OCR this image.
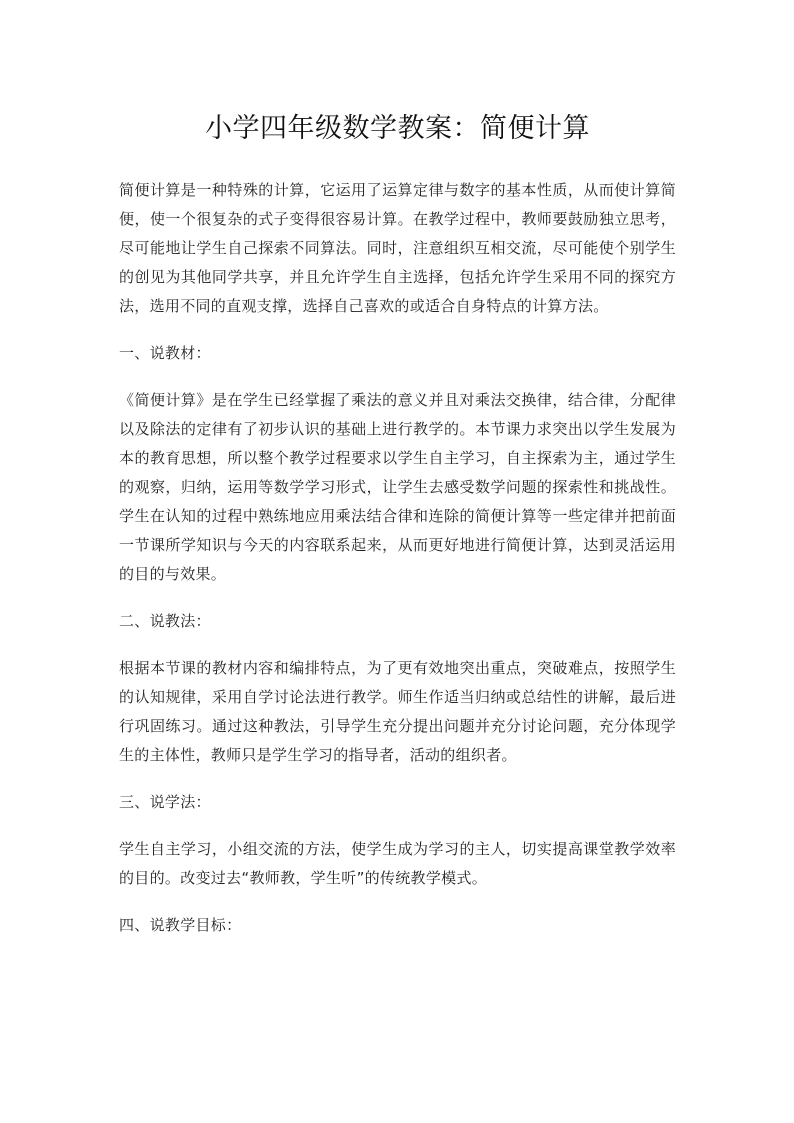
小学四年级数学教案：简便计算

简便计算是一种特殊的计算，它运用了运算定律与数字的基本性质，从而使计算简便，使一个很复杂的式子变得很容易计算。在教学过程中，教师要鼓励独立思考，尽可能地让学生自己探索不同算法。同时，注意组织互相交流，尽可能使个别学生的创见为其他同学共享，并且允许学生自主选择，包括允许学生采用不同的探究方法，选用不同的直观支撑，选择自己喜欢的或适合自身特点的计算方法。

一、说教材：

《简便计算》是在学生已经掌握了乘法的意义并且对乘法交换律，结合律，分配律以及除法的定律有了初步认识的基础上进行教学的。本节课力求突出以学生发展为本的教育思想，所以整个教学过程要求以学生自主学习，自主探索为主，通过学生的观察，归纳，运用等数学学习形式，让学生去感受数学问题的探索性和挑战性。学生在认知的过程中熟练地应用乘法结合律和连除的简便计算等一些定律并把前面一节课所学知识与今天的内容联系起来，从而更好地进行简便计算，达到灵活运用的目的与效果。

二、说教法：

根据本节课的教材内容和编排特点，为了更有效地突出重点，突破难点，按照学生的认知规律，采用自学讨论法进行教学。师生作适当归纳或总结性的讲解，最后进行巩固练习。通过这种教法，引导学生充分提出问题并充分讨论问题，充分体现学生的主体性，教师只是学生学习的指导者，活动的组织者。

三、说学法：

学生自主学习，小组交流的方法，使学生成为学习的主人，切实提高课堂教学效率的目的。改变过去“教师教，学生听”的传统教学模式。

四、说教学目标：
